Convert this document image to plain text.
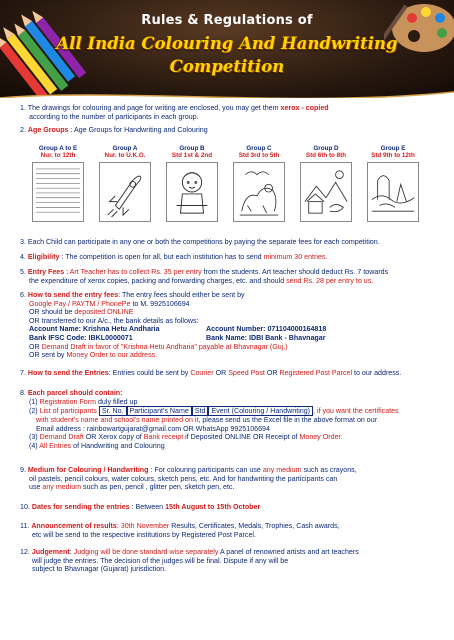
Rules & Regulations of
All India Colouring And Handwriting
Competition
1. The drawings for colouring and page for writing are enclosed, you may get them xerox - copied
according to the number of participants in each group.
2. Age Groups : Age Groups for Handwriting and Colouring
Group A to E
Nur. to 12th
Group A
Nur. to U.K.G.
Group B
Std 1st & 2nd
Group C
Std 3rd to 5th
Group D
Std 6th to 8th
Group E
Std 9th to 12th
3. Each Child can participate in any one or both the competitions by paying the separate fees for each competition.
4. Eligibility : The competition is open for all, but each institution has to send minimum 30 entries.
5. Entry Fees : Art Teacher has to collect Rs. 35 per entry from the students. Art teacher should deduct Rs. 7 towards
the expenditure of xerox copies, packing and forwarding charges, etc. and should send Rs. 28 per entry to us.
6. How to send the entry fees: The entry fees should either be sent by
Google Pay / PAYTM / PhonePe to M. 9925106694
OR should be deposited ONLINE
OR transferred to our A/c., the bank details as follows:
Account Name: Krishna Hetu Andharia	Account Number: 071104000164818
Bank IFSC Code: IBKL0000071	Bank Name: IDBI Bank - Bhavnagar
OR Demand Draft in favor of "Krishna Hetu Andharia" payable at Bhavnagar (Guj.)
OR sent by Money Order to our address.
7. How to send the Entries: Entries could be sent by Courier OR Speed Post OR Registered Post Parcel to our address.
8. Each parcel should contain:
(1) Registration Form duly filled up
(2) List of participants Sr. No. Participant's Name Std Event (Colouring / Handwriting) , if you want the certificates
with student's name and school's name printed on it, please send us the Excel file in the above format on our
Email address : rainbowartgujarat@gmail.com OR WhatsApp 9925106694
(3) Demand Draft OR Xerox copy of Bank receipt if Deposited ONLINE OR Receipt of Money Order.
(4) All Entries of Handwriting and Colouring
9. Medium for Colouring / Handwriting : For colouring participants can use any medium such as crayons,
oil pastels, pencil colours, water colours, sketch pens, etc. And for handwriting the participants can
use any medium such as pen, pencil , glitter pen, sketch pen, etc.
10. Dates for sending the entries : Between 15th August to 15th October
11. Announcement of results: 30th November Results, Certificates, Medals, Trophies, Cash awards,
etc will be send to the respective institutions by Registered Post Parcel.
12. Judgement: Judging will be done standard wise separately A panel of renowned artists and art teachers
will judge the entries. The decision of the judges will be final. Dispute if any will be
subject to Bhavnagar (Gujarat) jurisdiction.
